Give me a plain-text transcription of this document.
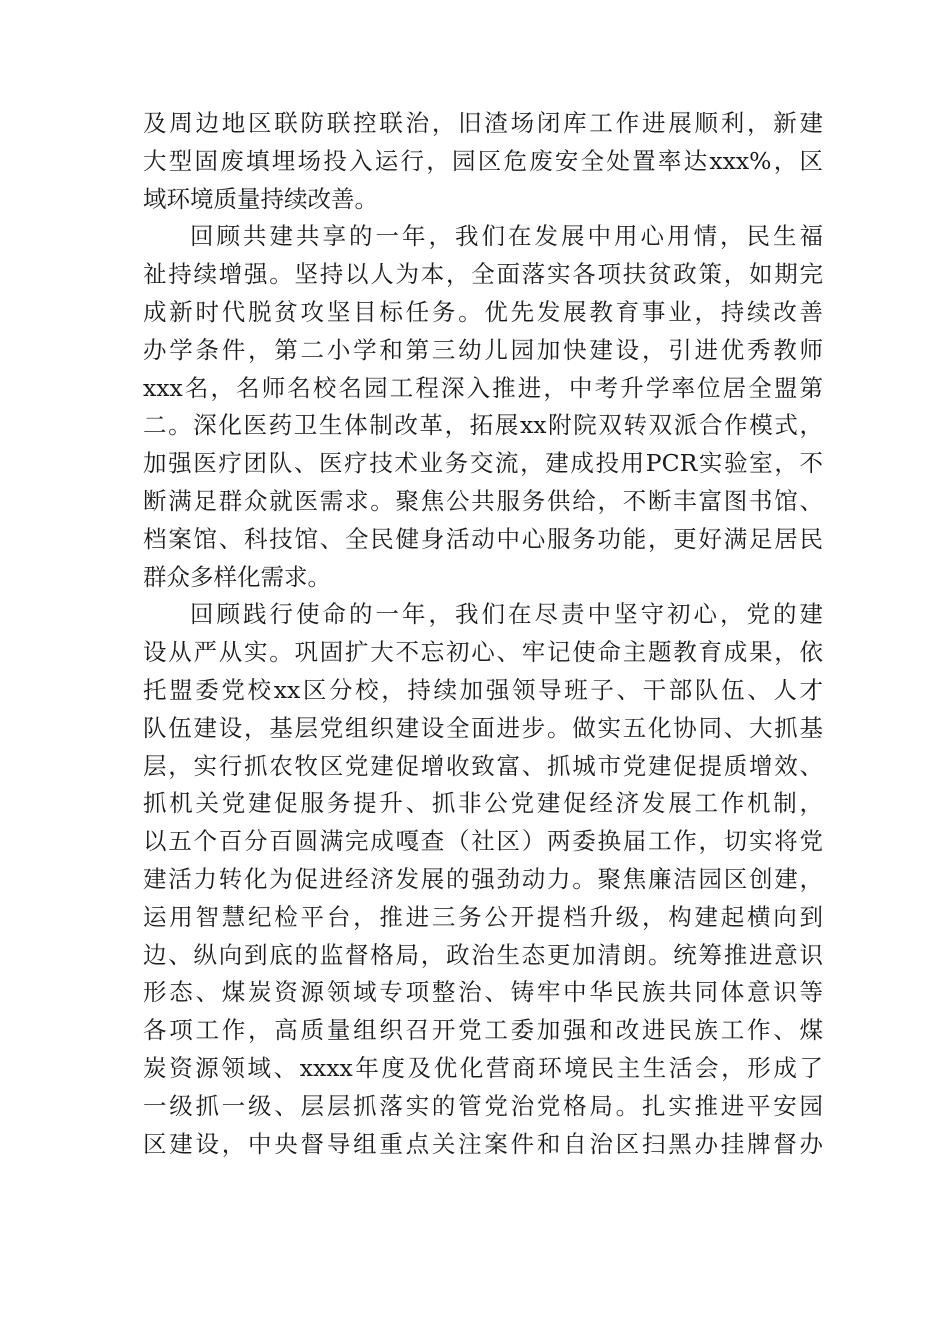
及周边地区联防联控联治，旧渣场闭库工作进展顺利，新建
大型固废填埋场投入运行，园区危废安全处置率达xxx%，区
域环境质量持续改善。

回顾共建共享的一年，我们在发展中用心用情，民生福
祉持续增强。坚持以人为本，全面落实各项扶贫政策，如期完
成新时代脱贫攻坚目标任务。优先发展教育事业，持续改善
办学条件，第二小学和第三幼儿园加快建设，引进优秀教师
xxx名，名师名校名园工程深入推进，中考升学率位居全盟第
二。深化医药卫生体制改革，拓展xx附院双转双派合作模式，
加强医疗团队、医疗技术业务交流，建成投用PCR实验室，不
断满足群众就医需求。聚焦公共服务供给，不断丰富图书馆、
档案馆、科技馆、全民健身活动中心服务功能，更好满足居民
群众多样化需求。

回顾践行使命的一年，我们在尽责中坚守初心，党的建
设从严从实。巩固扩大不忘初心、牢记使命主题教育成果，依
托盟委党校xx区分校，持续加强领导班子、干部队伍、人才
队伍建设，基层党组织建设全面进步。做实五化协同、大抓基
层，实行抓农牧区党建促增收致富、抓城市党建促提质增效、
抓机关党建促服务提升、抓非公党建促经济发展工作机制，
以五个百分百圆满完成嘎查（社区）两委换届工作，切实将党
建活力转化为促进经济发展的强劲动力。聚焦廉洁园区创建，
运用智慧纪检平台，推进三务公开提档升级，构建起横向到
边、纵向到底的监督格局，政治生态更加清朗。统筹推进意识
形态、煤炭资源领域专项整治、铸牢中华民族共同体意识等
各项工作，高质量组织召开党工委加强和改进民族工作、煤
炭资源领域、xxxx年度及优化营商环境民主生活会，形成了
一级抓一级、层层抓落实的管党治党格局。扎实推进平安园
区建设，中央督导组重点关注案件和自治区扫黑办挂牌督办
